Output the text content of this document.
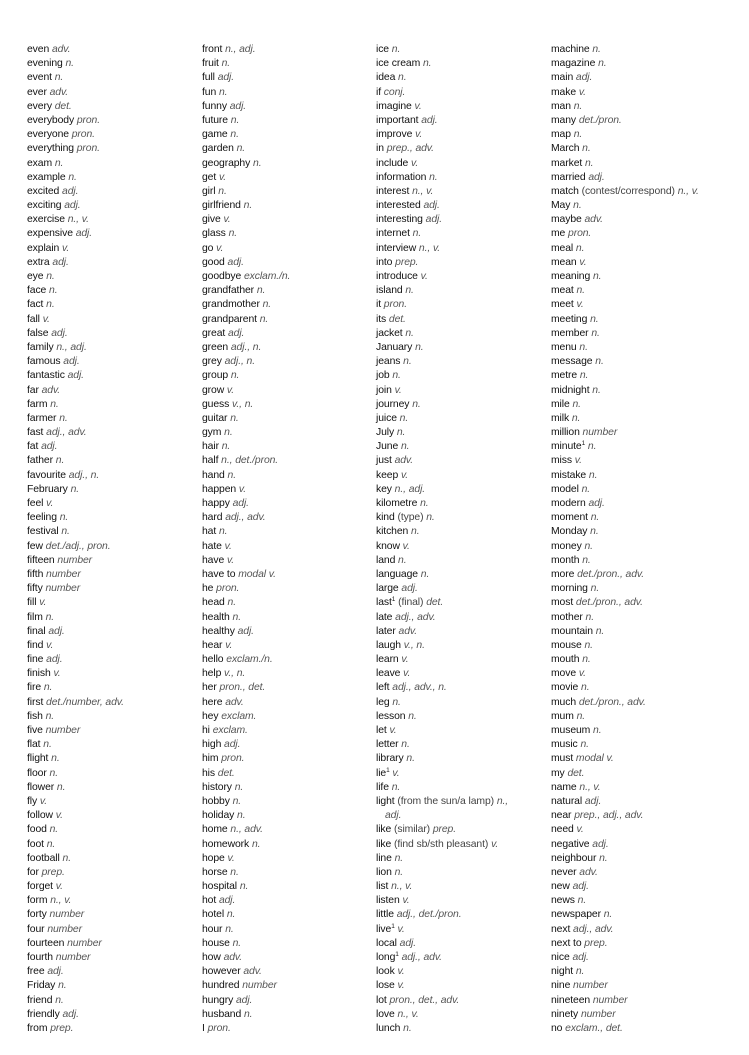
even adv.
evening n.
event n.
ever adv.
every det.
everybody pron.
everyone pron.
everything pron.
exam n.
example n.
excited adj.
exciting adj.
exercise n., v.
expensive adj.
explain v.
extra adj.
eye n.
face n.
fact n.
fall v.
false adj.
family n., adj.
famous adj.
fantastic adj.
far adv.
farm n.
farmer n.
fast adj., adv.
fat adj.
father n.
favourite adj., n.
February n.
feel v.
feeling n.
festival n.
few det./adj., pron.
fifteen number
fifth number
fifty number
fill v.
film n.
final adj.
find v.
fine adj.
finish v.
fire n.
first det./number, adv.
fish n.
five number
flat n.
flight n.
floor n.
flower n.
fly v.
follow v.
food n.
foot n.
football n.
for prep.
forget v.
form n., v.
forty number
four number
fourteen number
fourth number
free adj.
Friday n.
friend n.
friendly adj.
from prep.
front n., adj.
fruit n.
full adj.
fun n.
funny adj.
future n.
game n.
garden n.
geography n.
get v.
girl n.
girlfriend n.
give v.
glass n.
go v.
good adj.
goodbye exclam./n.
grandfather n.
grandmother n.
grandparent n.
great adj.
green adj., n.
grey adj., n.
group n.
grow v.
guess v., n.
guitar n.
gym n.
hair n.
half n., det./pron.
hand n.
happen v.
happy adj.
hard adj., adv.
hat n.
hate v.
have v.
have to modal v.
he pron.
head n.
health n.
healthy adj.
hear v.
hello exclam./n.
help v., n.
her pron., det.
here adv.
hey exclam.
hi exclam.
high adj.
him pron.
his det.
history n.
hobby n.
holiday n.
home n., adv.
homework n.
hope v.
horse n.
hospital n.
hot adj.
hotel n.
hour n.
house n.
how adv.
however adv.
hundred number
hungry adj.
husband n.
I pron.
ice n.
ice cream n.
idea n.
if conj.
imagine v.
important adj.
improve v.
in prep., adv.
include v.
information n.
interest n., v.
interested adj.
interesting adj.
internet n.
interview n., v.
into prep.
introduce v.
island n.
it pron.
its det.
jacket n.
January n.
jeans n.
job n.
join v.
journey n.
juice n.
July n.
June n.
just adv.
keep v.
key n., adj.
kilometre n.
kind (type) n.
kitchen n.
know v.
land n.
language n.
large adj.
last$^1$ (final) det.
late adj., adv.
later adv.
laugh v., n.
learn v.
leave v.
left adj., adv., n.
leg n.
lesson n.
let v.
letter n.
library n.
lie$^1$ v.
life n.
light (from the sun/a lamp) n.,
adj.
like (similar) prep.
like (find sb/sth pleasant) v.
line n.
lion n.
list n., v.
listen v.
little adj., det./pron.
live$^1$ v.
local adj.
long$^1$ adj., adv.
look v.
lose v.
lot pron., det., adv.
love n., v.
lunch n.
machine n.
magazine n.
main adj.
make v.
man n.
many det./pron.
map n.
March n.
market n.
married adj.
match (contest/correspond) n., v.
May n.
maybe adv.
me pron.
meal n.
mean v.
meaning n.
meat n.
meet v.
meeting n.
member n.
menu n.
message n.
metre n.
midnight n.
mile n.
milk n.
million number
minute$^1$ n.
miss v.
mistake n.
model n.
modern adj.
moment n.
Monday n.
money n.
month n.
more det./pron., adv.
morning n.
most det./pron., adv.
mother n.
mountain n.
mouse n.
mouth n.
move v.
movie n.
much det./pron., adv.
mum n.
museum n.
music n.
must modal v.
my det.
name n., v.
natural adj.
near prep., adj., adv.
need v.
negative adj.
neighbour n.
never adv.
new adj.
news n.
newspaper n.
next adj., adv.
next to prep.
nice adj.
night n.
nine number
nineteen number
ninety number
no exclam., det.
